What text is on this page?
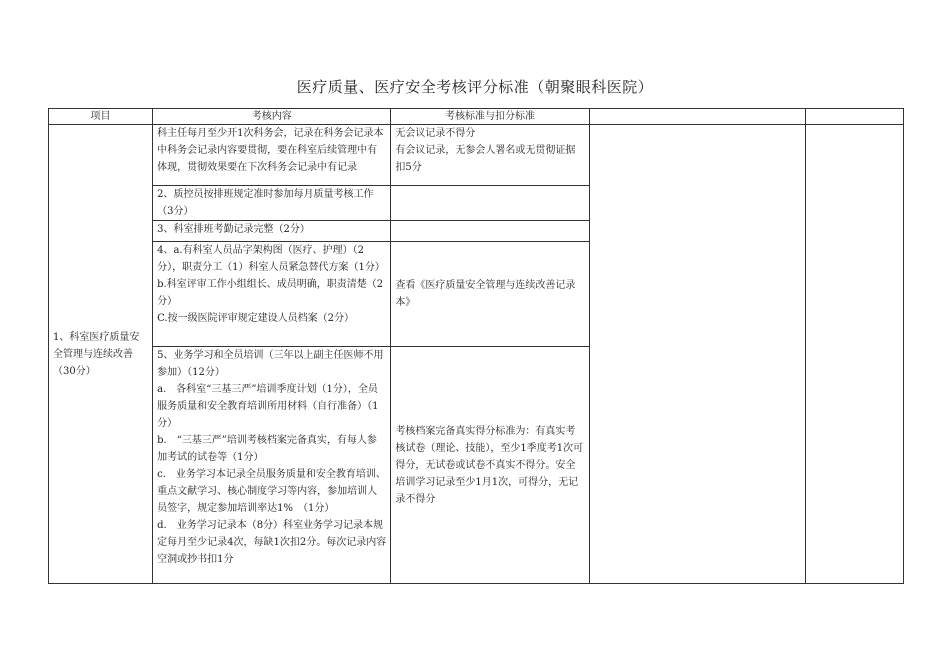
医疗质量、医疗安全考核评分标准（朝聚眼科医院）
项目	考核内容	考核标准与扣分标准		
1、科室医疗质量安全管理与连续改善（30分）	科主任每月至少开1次科务会，记录在科务会记录本中科务会记录内容要贯彻，要在科室后续管理中有体现，贯彻效果要在下次科务会记录中有记录	无会议记录不得分
有会议记录，无参会人署名或无贯彻证据扣5分		

	2、质控员按排班规定准时参加每月质量考核工作（3分）			

	3、科室排班考勤记录完整（2分）			

	4、a.有科室人员品字架构图（医疗、护理）（2分），职责分工（1）科室人员紧急替代方案（1分）
b.科室评审工作小组组长、成员明确，职责清楚（2分）
C.按一级医院评审规定建设人员档案（2分）	查看《医疗质量安全管理与连续改善记录本》		

	5、业务学习和全员培训（三年以上副主任医师不用参加）（12分）
a.　各科室“三基三严”培训季度计划（1分），全员服务质量和安全教育培训所用材料（自行准备）（1分）
b.　“三基三严”培训考核档案完备真实，有每人参加考试的试卷等（1分）
c.　业务学习本记录全员服务质量和安全教育培训、重点文献学习、核心制度学习等内容，参加培训人员签字，规定参加培训率达1%　（1分）
d.　业务学习记录本（8分）科室业务学习记录本规定每月至少记录4次，每缺1次扣2分。每次记录内容空洞或抄书扣1分	考核档案完备真实得分标准为：有真实考核试卷（理论、技能），至少1季度考1次可得分，无试卷或试卷不真实不得分。安全培训学习记录至少1月1次，可得分，无记录不得分		
